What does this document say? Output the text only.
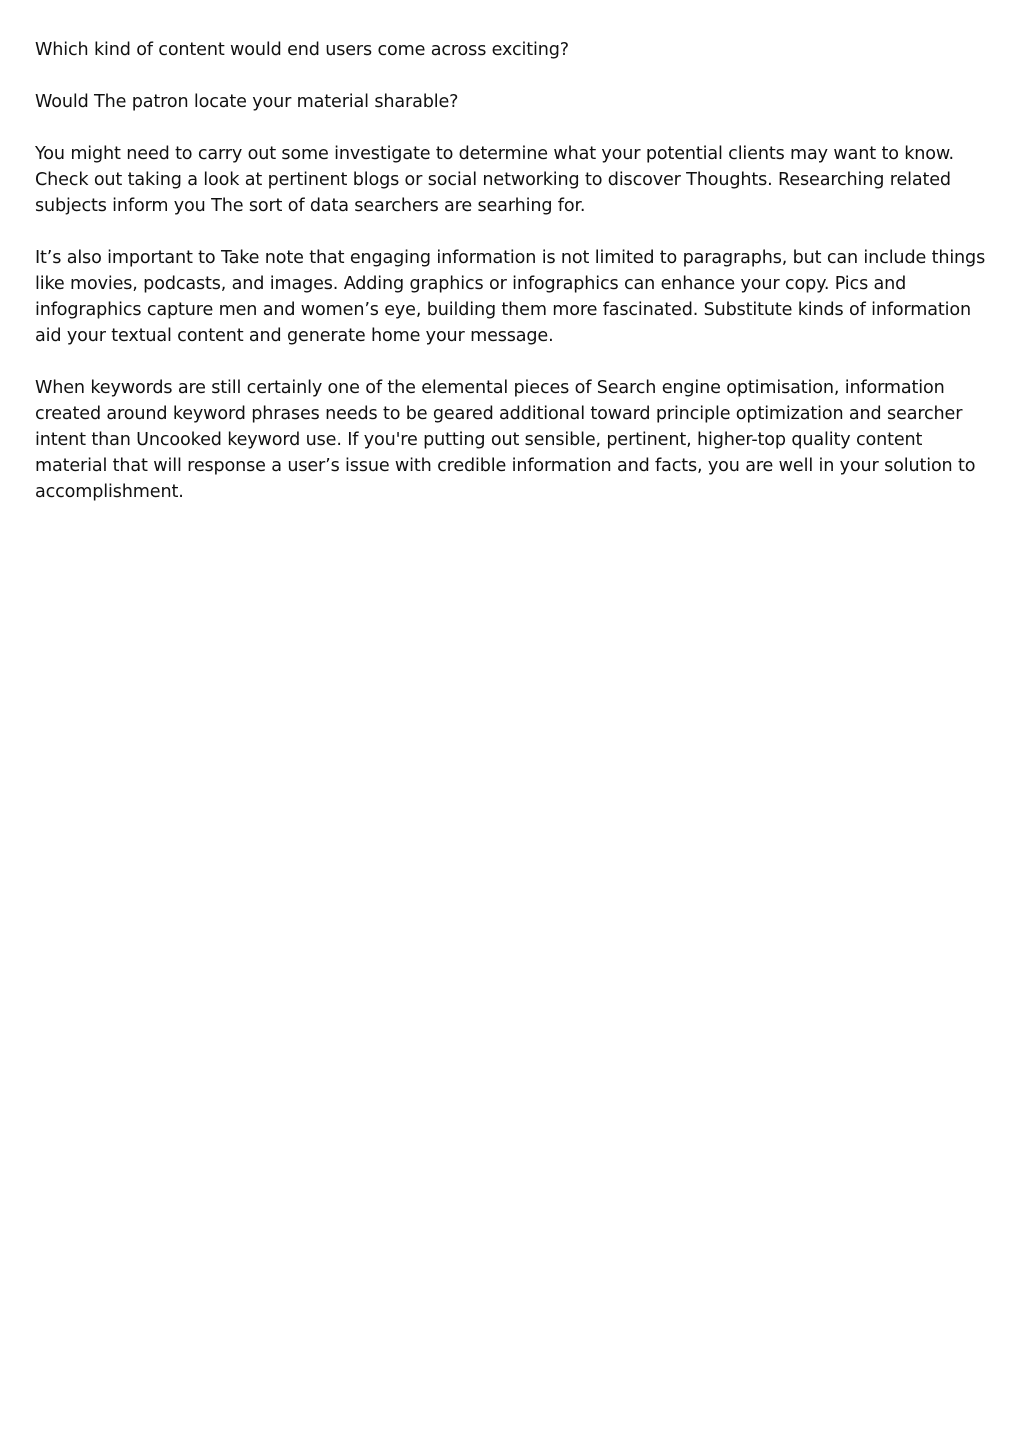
Which kind of content would end users come across exciting?

Would The patron locate your material sharable?

You might need to carry out some investigate to determine what your potential clients may want to know. Check out taking a look at pertinent blogs or social networking to discover Thoughts. Researching related subjects inform you The sort of data searchers are searhing for.

It’s also important to Take note that engaging information is not limited to paragraphs, but can include things like movies, podcasts, and images. Adding graphics or infographics can enhance your copy. Pics and infographics capture men and women’s eye, building them more fascinated. Substitute kinds of information aid your textual content and generate home your message.

When keywords are still certainly one of the elemental pieces of Search engine optimisation, information created around keyword phrases needs to be geared additional toward principle optimization and searcher intent than Uncooked keyword use. If you're putting out sensible, pertinent, higher-top quality content material that will response a user’s issue with credible information and facts, you are well in your solution to accomplishment.
